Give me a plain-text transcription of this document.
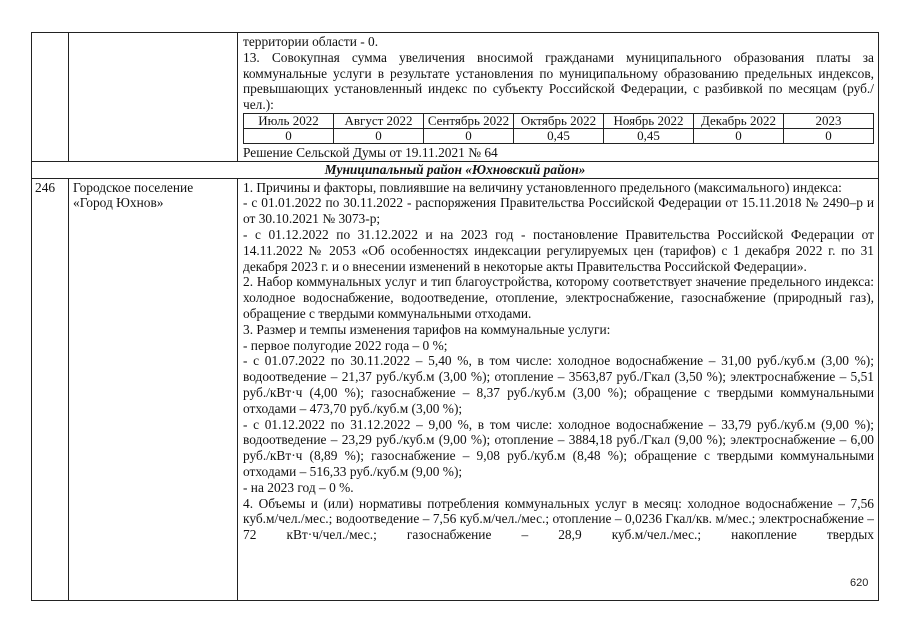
территории области - 0.

13. Совокупная сумма увеличения вносимой гражданами муниципального образования платы за коммунальные услуги в результате установления по муниципальному образованию предельных индексов, превышающих установленный индекс по субъекту Российской Федерации, с разбивкой по месяцам (руб./чел.):

Июль 2022	Август 2022	Сентябрь 2022	Октябрь 2022	Ноябрь 2022	Декабрь 2022	2023
0	0	0	0,45	0,45	0	0

Решение Сельской Думы от 19.11.2021 № 64

Муниципальный район «Юхновский район»
246	Городское поселение «Город Юхнов»	

1. Причины и факторы, повлиявшие на величину установленного предельного (максимального) индекса:

- с 01.01.2022 по 30.11.2022 - распоряжения Правительства Российской Федерации от 15.11.2018 № 2490–р и от 30.10.2021 № 3073-р;

- с 01.12.2022 по 31.12.2022 и на 2023 год - постановление Правительства Российской Федерации от 14.11.2022 № 2053 «Об особенностях индексации регулируемых цен (тарифов) с 1 декабря 2022 г. по 31 декабря 2023 г. и о внесении изменений в некоторые акты Правительства Российской Федерации».

2. Набор коммунальных услуг и тип благоустройства, которому соответствует значение предельного индекса: холодное водоснабжение, водоотведение, отопление, электроснабжение, газоснабжение (природный газ), обращение с твердыми коммунальными отходами.

3. Размер и темпы изменения тарифов на коммунальные услуги:

- первое полугодие 2022 года – 0 %;

- с 01.07.2022 по 30.11.2022 – 5,40 %, в том числе: холодное водоснабжение – 31,00 руб./куб.м (3,00 %); водоотведение – 21,37 руб./куб.м (3,00 %); отопление – 3563,87 руб./Гкал (3,50 %); электроснабжение – 5,51 руб./кВт·ч (4,00 %); газоснабжение – 8,37 руб./куб.м (3,00 %); обращение с твердыми коммунальными отходами – 473,70 руб./куб.м (3,00 %);

- с 01.12.2022 по 31.12.2022 – 9,00 %, в том числе: холодное водоснабжение – 33,79 руб./куб.м (9,00 %); водоотведение – 23,29 руб./куб.м (9,00 %); отопление – 3884,18 руб./Гкал (9,00 %); электроснабжение – 6,00 руб./кВт·ч (8,89 %); газоснабжение – 9,08 руб./куб.м (8,48 %); обращение с твердыми коммунальными отходами – 516,33 руб./куб.м (9,00 %);

- на 2023 год – 0 %.

4. Объемы и (или) нормативы потребления коммунальных услуг в месяц: холодное водоснабжение – 7,56 куб.м/чел./мес.; водоотведение – 7,56 куб.м/чел./мес.; отопление – 0,0236 Гкал/кв. м/мес.; электроснабжение – 72 кВт·ч/чел./мес.; газоснабжение – 28,9 куб.м/чел./мес.; накопление твердых

620
